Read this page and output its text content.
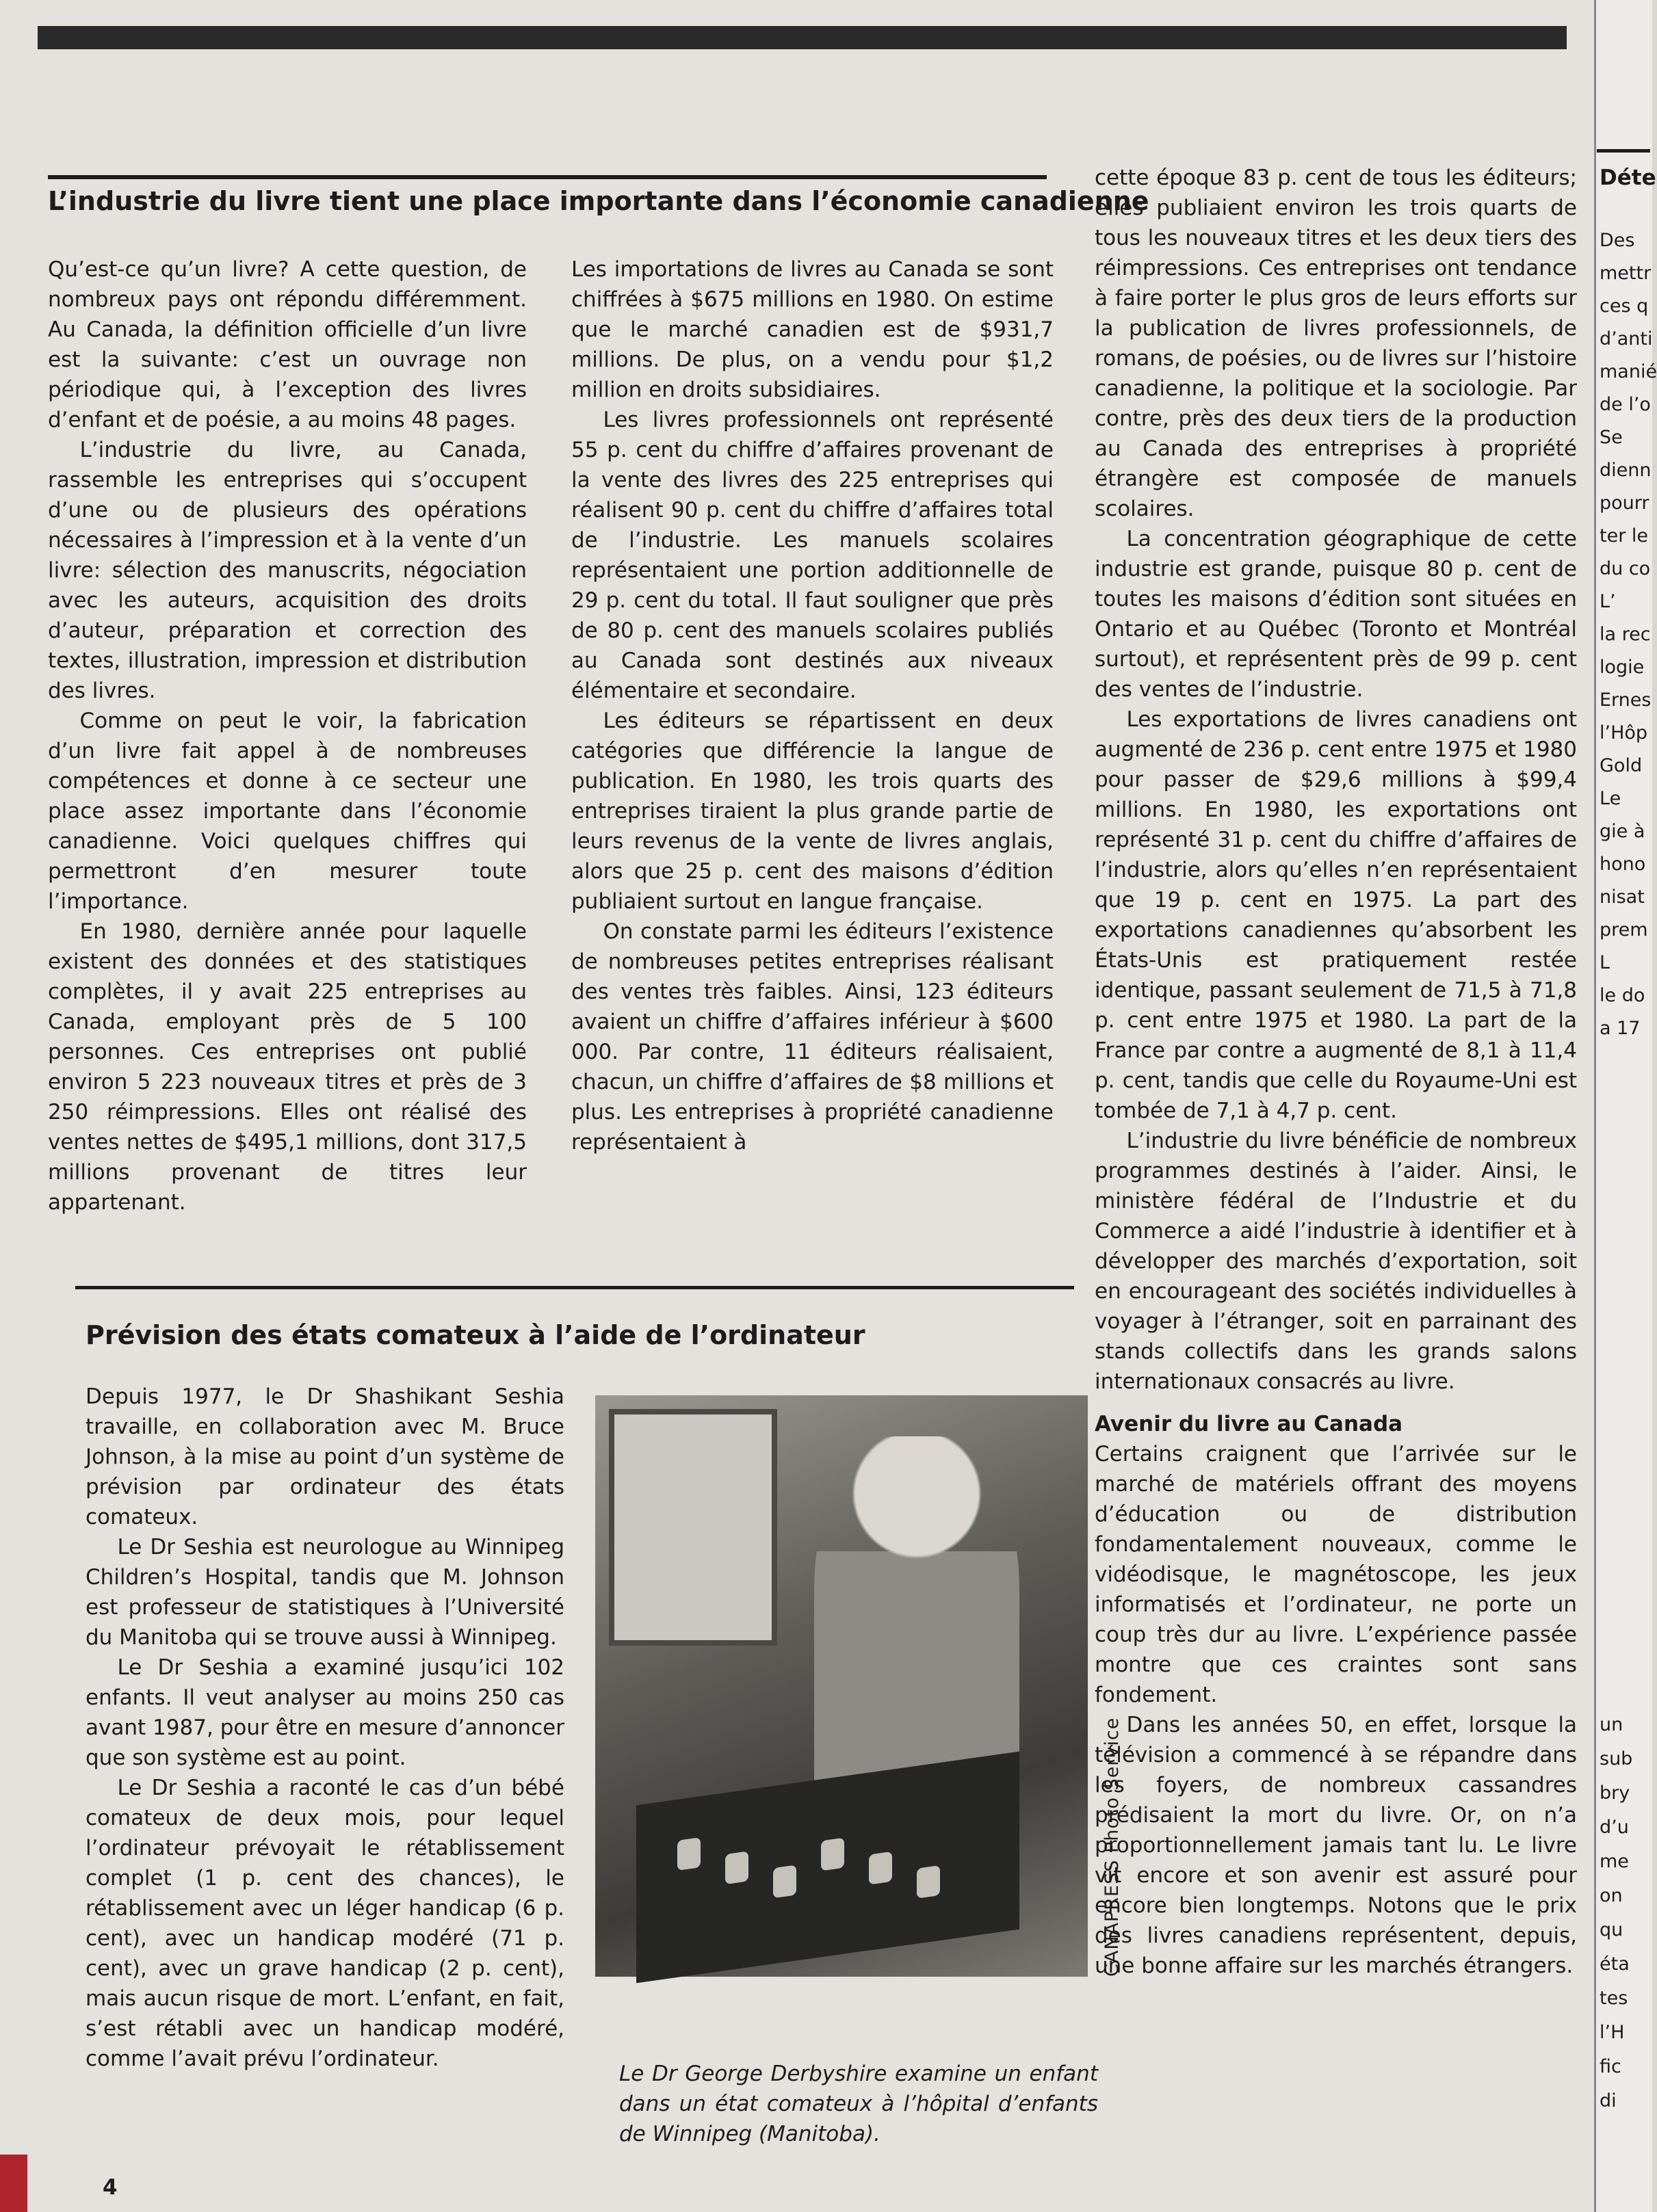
L’industrie du livre tient une place importante dans l’économie canadienne

Qu’est-ce qu’un livre? A cette question, de nombreux pays ont répondu différemment. Au Canada, la définition officielle d’un livre est la suivante: c’est un ouvrage non périodique qui, à l’exception des livres d’enfant et de poésie, a au moins 48 pages.

L’industrie du livre, au Canada, rassemble les entreprises qui s’occupent d’une ou de plusieurs des opérations nécessaires à l’impression et à la vente d’un livre: sélection des manuscrits, négociation avec les auteurs, acquisition des droits d’auteur, préparation et correction des textes, illustration, impression et distribution des livres.

Comme on peut le voir, la fabrication d’un livre fait appel à de nombreuses compétences et donne à ce secteur une place assez importante dans l’économie canadienne. Voici quelques chiffres qui permettront d’en mesurer toute l’importance.

En 1980, dernière année pour laquelle existent des données et des statistiques complètes, il y avait 225 entreprises au Canada, employant près de 5 100 personnes. Ces entreprises ont publié environ 5 223 nouveaux titres et près de 3 250 réimpressions. Elles ont réalisé des ventes nettes de $495,1 millions, dont 317,5 millions provenant de titres leur appartenant.

Les importations de livres au Canada se sont chiffrées à $675 millions en 1980. On estime que le marché canadien est de $931,7 millions. De plus, on a vendu pour $1,2 million en droits subsidiaires.

Les livres professionnels ont représenté 55 p. cent du chiffre d’affaires provenant de la vente des livres des 225 entreprises qui réalisent 90 p. cent du chiffre d’affaires total de l’industrie. Les manuels scolaires représentaient une portion additionnelle de 29 p. cent du total. Il faut souligner que près de 80 p. cent des manuels scolaires publiés au Canada sont destinés aux niveaux élémentaire et secondaire.

Les éditeurs se répartissent en deux catégories que différencie la langue de publication. En 1980, les trois quarts des entreprises tiraient la plus grande partie de leurs revenus de la vente de livres anglais, alors que 25 p. cent des maisons d’édition publiaient surtout en langue française.

On constate parmi les éditeurs l’existence de nombreuses petites entreprises réalisant des ventes très faibles. Ainsi, 123 éditeurs avaient un chiffre d’affaires inférieur à $600 000. Par contre, 11 éditeurs réalisaient, chacun, un chiffre d’affaires de $8 millions et plus. Les entreprises à propriété canadienne représentaient à

cette époque 83 p. cent de tous les éditeurs; elles publiaient environ les trois quarts de tous les nouveaux titres et les deux tiers des réimpressions. Ces entreprises ont tendance à faire porter le plus gros de leurs efforts sur la publication de livres professionnels, de romans, de poésies, ou de livres sur l’histoire canadienne, la politique et la sociologie. Par contre, près des deux tiers de la production au Canada des entreprises à propriété étrangère est composée de manuels scolaires.

La concentration géographique de cette industrie est grande, puisque 80 p. cent de toutes les maisons d’édition sont situées en Ontario et au Québec (Toronto et Montréal surtout), et représentent près de 99 p. cent des ventes de l’industrie.

Les exportations de livres canadiens ont augmenté de 236 p. cent entre 1975 et 1980 pour passer de $29,6 millions à $99,4 millions. En 1980, les exportations ont représenté 31 p. cent du chiffre d’affaires de l’industrie, alors qu’elles n’en représentaient que 19 p. cent en 1975. La part des exportations canadiennes qu’absorbent les États-Unis est pratiquement restée identique, passant seulement de 71,5 à 71,8 p. cent entre 1975 et 1980. La part de la France par contre a augmenté de 8,1 à 11,4 p. cent, tandis que celle du Royaume-Uni est tombée de 7,1 à 4,7 p. cent.

L’industrie du livre bénéficie de nombreux programmes destinés à l’aider. Ainsi, le ministère fédéral de l’Industrie et du Commerce a aidé l’industrie à identifier et à développer des marchés d’exportation, soit en encourageant des sociétés individuelles à voyager à l’étranger, soit en parrainant des stands collectifs dans les grands salons internationaux consacrés au livre.

Avenir du livre au Canada

Certains craignent que l’arrivée sur le marché de matériels offrant des moyens d’éducation ou de distribution fondamentalement nouveaux, comme le vidéodisque, le magnétoscope, les jeux informatisés et l’ordinateur, ne porte un coup très dur au livre. L’expérience passée montre que ces craintes sont sans fondement.

Dans les années 50, en effet, lorsque la télévision a commencé à se répandre dans les foyers, de nombreux cassandres prédisaient la mort du livre. Or, on n’a proportionnellement jamais tant lu. Le livre vit encore et son avenir est assuré pour encore bien longtemps. Notons que le prix des livres canadiens représentent, depuis, une bonne affaire sur les marchés étrangers.

Prévision des états comateux à l’aide de l’ordinateur

Depuis 1977, le Dr Shashikant Seshia travaille, en collaboration avec M. Bruce Johnson, à la mise au point d’un système de prévision par ordinateur des états comateux.

Le Dr Seshia est neurologue au Winnipeg Children’s Hospital, tandis que M. Johnson est professeur de statistiques à l’Université du Manitoba qui se trouve aussi à Winnipeg.

Le Dr Seshia a examiné jusqu’ici 102 enfants. Il veut analyser au moins 250 cas avant 1987, pour être en mesure d’annoncer que son système est au point.

Le Dr Seshia a raconté le cas d’un bébé comateux de deux mois, pour lequel l’ordinateur prévoyait le rétablissement complet (1 p. cent des chances), le rétablissement avec un léger handicap (6 p. cent), avec un handicap modéré (71 p. cent), avec un grave handicap (2 p. cent), mais aucun risque de mort. L’enfant, en fait, s’est rétabli avec un handicap modéré, comme l’avait prévu l’ordinateur.

CANAPRESS Photo Service
Le Dr George Derbyshire examine un enfant dans un état comateux à l’hôpital d’enfants de Winnipeg (Manitoba).
4
Déte
Des
mettr
ces q
d’anti
manié
de l’o
Se
dienn
pourr
ter le
du co
L’
la rec
logie
Ernes
l’Hôp
Gold
Le
gie à
hono
nisat
prem
L
le do
a 17
un
sub
bry
d’u
me
on
qu
éta
tes
l’H
fic
di
